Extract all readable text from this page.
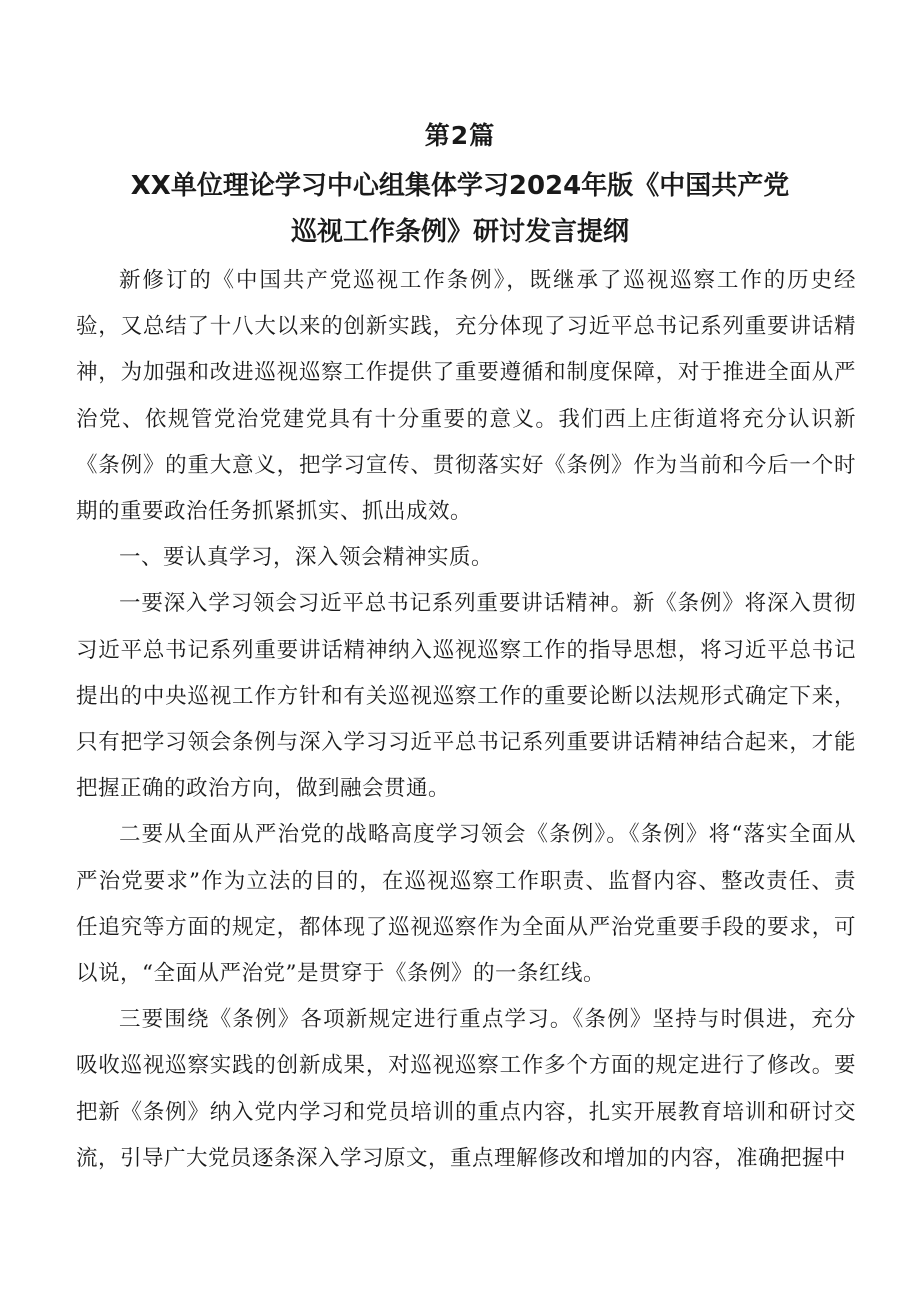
第2篇
XX单位理论学习中心组集体学习2024年版《中国共产党
巡视工作条例》研讨发言提纲

新修订的《中国共产党巡视工作条例》，既继承了巡视巡察工作的历史经验，又总结了十八大以来的创新实践，充分体现了习近平总书记系列重要讲话精神，为加强和改进巡视巡察工作提供了重要遵循和制度保障，对于推进全面从严治党、依规管党治党建党具有十分重要的意义。我们西上庄街道将充分认识新《条例》的重大意义，把学习宣传、贯彻落实好《条例》作为当前和今后一个时期的重要政治任务抓紧抓实、抓出成效。

一、要认真学习，深入领会精神实质。

一要深入学习领会习近平总书记系列重要讲话精神。新《条例》将深入贯彻习近平总书记系列重要讲话精神纳入巡视巡察工作的指导思想，将习近平总书记提出的中央巡视工作方针和有关巡视巡察工作的重要论断以法规形式确定下来，只有把学习领会条例与深入学习习近平总书记系列重要讲话精神结合起来，才能把握正确的政治方向，做到融会贯通。

二要从全面从严治党的战略高度学习领会《条例》。《条例》将“落实全面从严治党要求”作为立法的目的，在巡视巡察工作职责、监督内容、整改责任、责任追究等方面的规定，都体现了巡视巡察作为全面从严治党重要手段的要求，可以说，“全面从严治党”是贯穿于《条例》的一条红线。

三要围绕《条例》各项新规定进行重点学习。《条例》坚持与时俱进，充分吸收巡视巡察实践的创新成果，对巡视巡察工作多个方面的规定进行了修改。要把新《条例》纳入党内学习和党员培训的重点内容，扎实开展教育培训和研讨交流，引导广大党员逐条深入学习原文，重点理解修改和增加的内容，准确把握中
